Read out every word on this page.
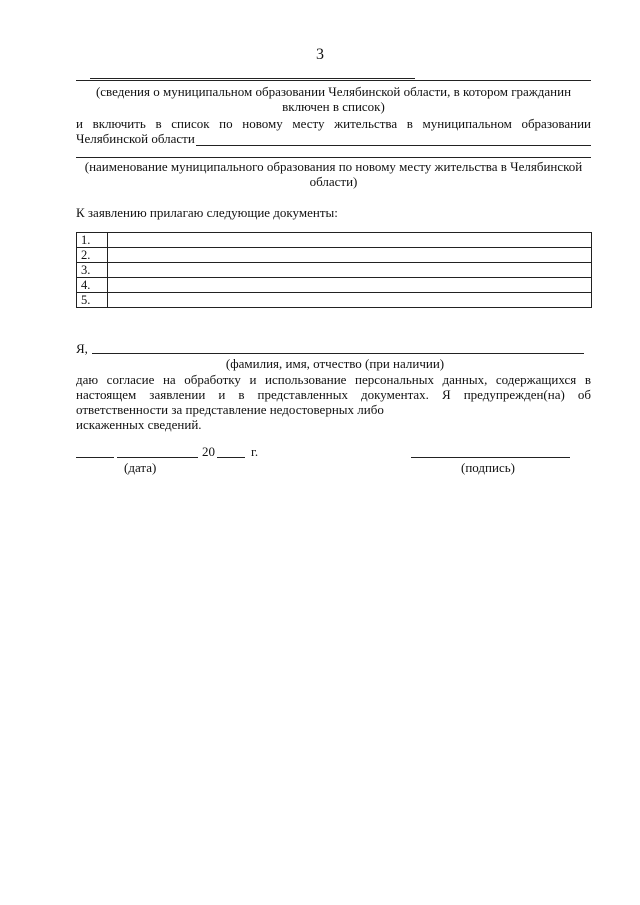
3
(сведения о муниципальном образовании Челябинской области, в котором гражданин
включен в список)
и включить в список по новому месту жительства в муниципальном образовании
Челябинской области
(наименование муниципального образования по новому месту жительства в Челябинской
области)
К заявлению прилагаю следующие документы:
1.	
2.	
3.	
4.	
5.	
Я,
(фамилия, имя, отчество (при наличии)
даю согласие на обработку и использование персональных данных, содержащихся в
настоящем заявлении и в представленных документах. Я предупрежден(на) об
ответственности за представление недостоверных либо
искаженных сведений.
20	г.
(дата)	(подпись)
